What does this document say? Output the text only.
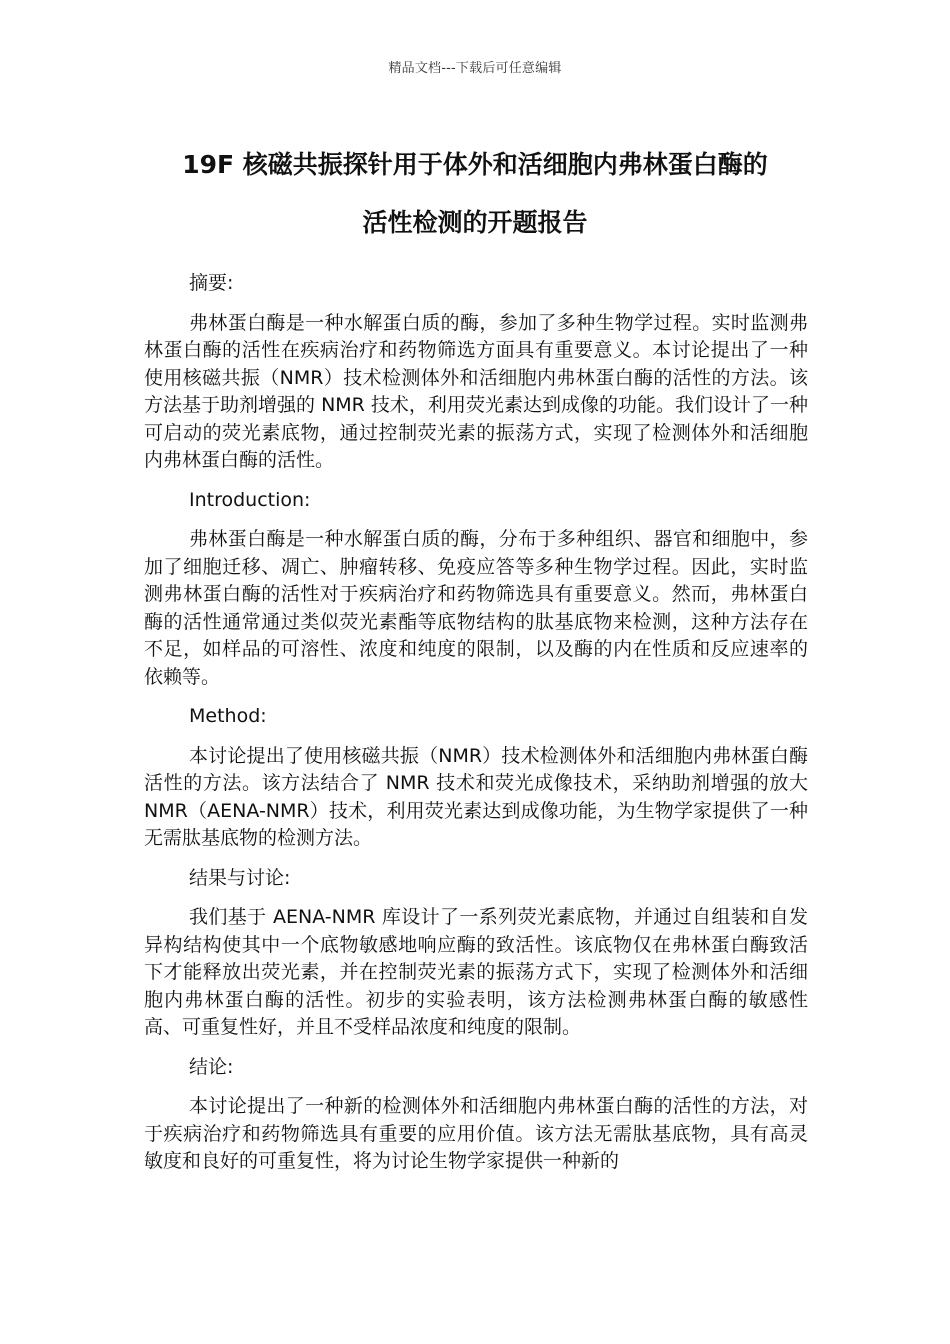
精品文档---下载后可任意编辑
19F 核磁共振探针用于体外和活细胞内弗林蛋白酶的
活性检测的开题报告
摘要:
弗林蛋白酶是一种水解蛋白质的酶，参加了多种生物学过程。实时监测弗林蛋白酶的活性在疾病治疗和药物筛选方面具有重要意义。本讨论提出了一种使用核磁共振（NMR）技术检测体外和活细胞内弗林蛋白酶的活性的方法。该方法基于助剂增强的 NMR 技术，利用荧光素达到成像的功能。我们设计了一种可启动的荧光素底物，通过控制荧光素的振荡方式，实现了检测体外和活细胞内弗林蛋白酶的活性。
Introduction:
弗林蛋白酶是一种水解蛋白质的酶，分布于多种组织、器官和细胞中，参加了细胞迁移、凋亡、肿瘤转移、免疫应答等多种生物学过程。因此，实时监测弗林蛋白酶的活性对于疾病治疗和药物筛选具有重要意义。然而，弗林蛋白酶的活性通常通过类似荧光素酯等底物结构的肽基底物来检测，这种方法存在不足，如样品的可溶性、浓度和纯度的限制，以及酶的内在性质和反应速率的依赖等。
Method:
本讨论提出了使用核磁共振（NMR）技术检测体外和活细胞内弗林蛋白酶活性的方法。该方法结合了 NMR 技术和荧光成像技术，采纳助剂增强的放大 NMR（AENA-NMR）技术，利用荧光素达到成像功能，为生物学家提供了一种无需肽基底物的检测方法。
结果与讨论:
我们基于 AENA-NMR 库设计了一系列荧光素底物，并通过自组装和自发异构结构使其中一个底物敏感地响应酶的致活性。该底物仅在弗林蛋白酶致活下才能释放出荧光素，并在控制荧光素的振荡方式下，实现了检测体外和活细胞内弗林蛋白酶的活性。初步的实验表明，该方法检测弗林蛋白酶的敏感性高、可重复性好，并且不受样品浓度和纯度的限制。
结论:
本讨论提出了一种新的检测体外和活细胞内弗林蛋白酶的活性的方法，对于疾病治疗和药物筛选具有重要的应用价值。该方法无需肽基底物，具有高灵敏度和良好的可重复性，将为讨论生物学家提供一种新的
